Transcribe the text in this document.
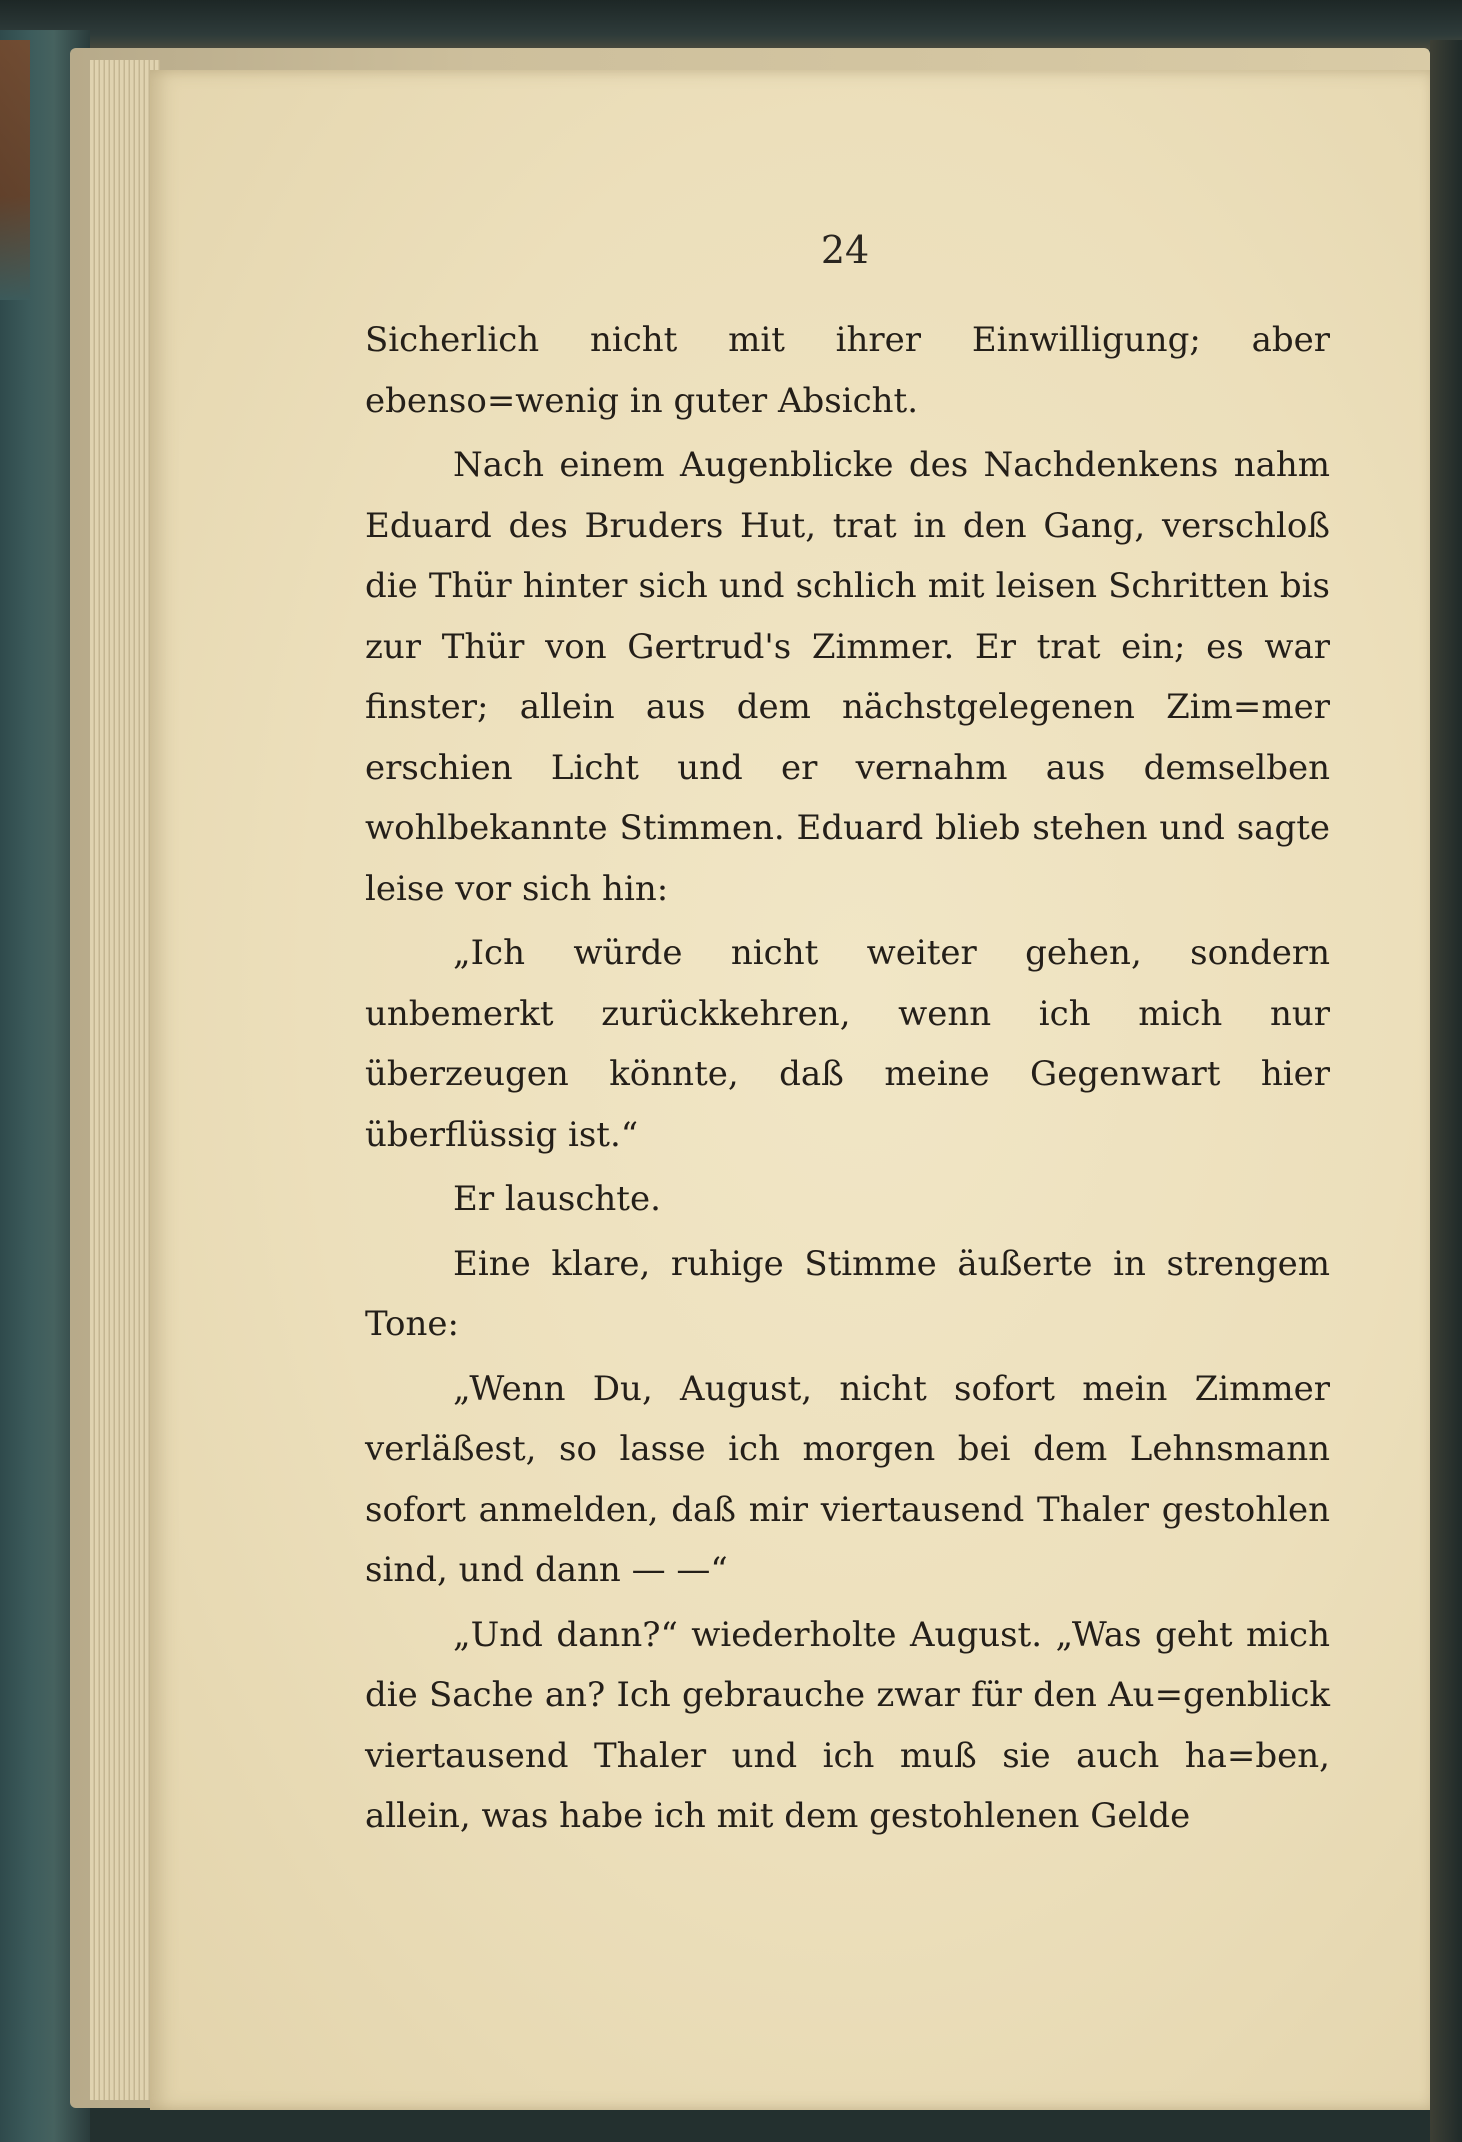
24

Sicherlich nicht mit ihrer Einwilligung; aber ebenso=wenig in guter Absicht.

Nach einem Augenblicke des Nachdenkens nahm Eduard des Bruders Hut, trat in den Gang, verschloß die Thür hinter sich und schlich mit leisen Schritten bis zur Thür von Gertrud's Zimmer. Er trat ein; es war finster; allein aus dem nächstgelegenen Zim=mer erschien Licht und er vernahm aus demselben wohlbekannte Stimmen. Eduard blieb stehen und sagte leise vor sich hin:

„Ich würde nicht weiter gehen, sondern unbemerkt zurückkehren, wenn ich mich nur überzeugen könnte, daß meine Gegenwart hier überflüssig ist.“

Er lauschte.

Eine klare, ruhige Stimme äußerte in strengem Tone:

„Wenn Du, August, nicht sofort mein Zimmer verläßest, so lasse ich morgen bei dem Lehnsmann sofort anmelden, daß mir viertausend Thaler gestohlen sind, und dann — —“

„Und dann?“ wiederholte August. „Was geht mich die Sache an? Ich gebrauche zwar für den Au=genblick viertausend Thaler und ich muß sie auch ha=ben, allein, was habe ich mit dem gestohlenen Gelde
